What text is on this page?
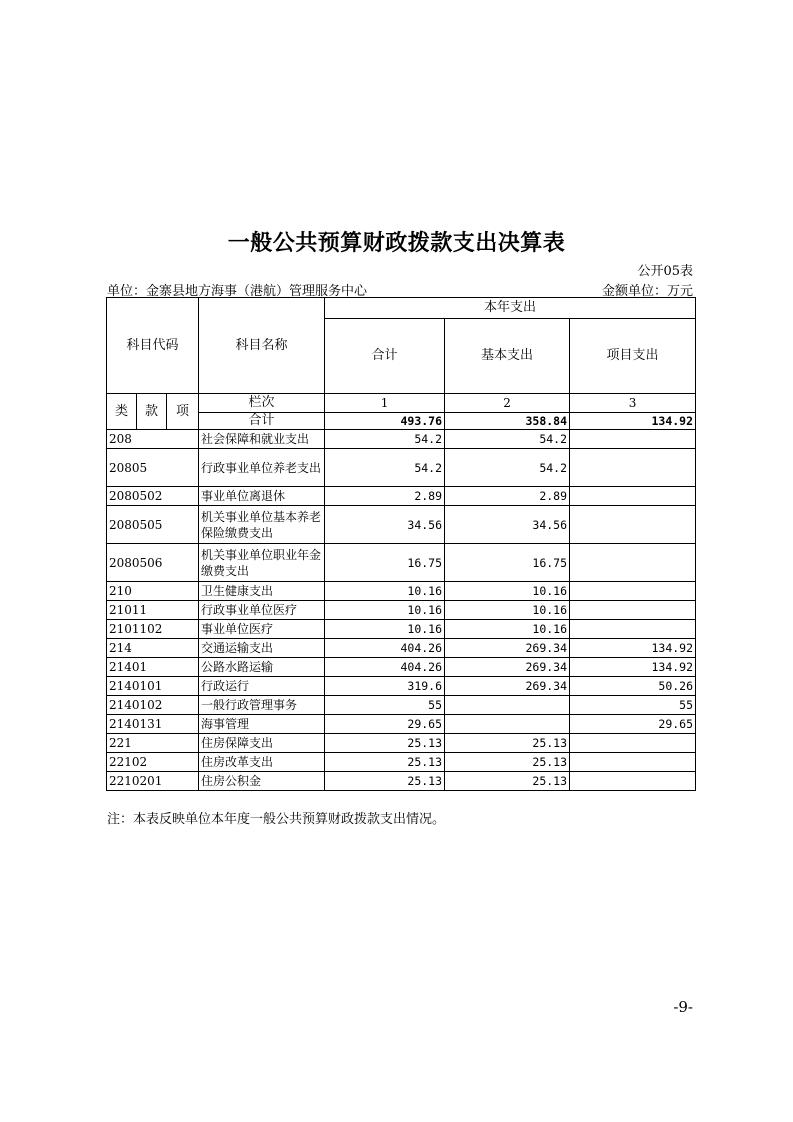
一般公共预算财政拨款支出决算表
公开05表
单位：金寨县地方海事（港航）管理服务中心	金额单位：万元
科目代码			科目名称	本年支出		
				合计	基本支出	项目支出
类	款	项	栏次	1	2	3
			合计	493.76	358.84	134.92
208			社会保障和就业支出	54.2	54.2	
20805			行政事业单位养老支出	54.2	54.2	
2080502			事业单位离退休	2.89	2.89	
2080505			机关事业单位基本养老保险缴费支出	34.56	34.56	
2080506			机关事业单位职业年金缴费支出	16.75	16.75	
210			卫生健康支出	10.16	10.16	
21011			行政事业单位医疗	10.16	10.16	
2101102			事业单位医疗	10.16	10.16	
214			交通运输支出	404.26	269.34	134.92
21401			公路水路运输	404.26	269.34	134.92
2140101			行政运行	319.6	269.34	50.26
2140102			一般行政管理事务	55		55
2140131			海事管理	29.65		29.65
221			住房保障支出	25.13	25.13	
22102			住房改革支出	25.13	25.13	
2210201			住房公积金	25.13	25.13	
注：本表反映单位本年度一般公共预算财政拨款支出情况。
-9-
